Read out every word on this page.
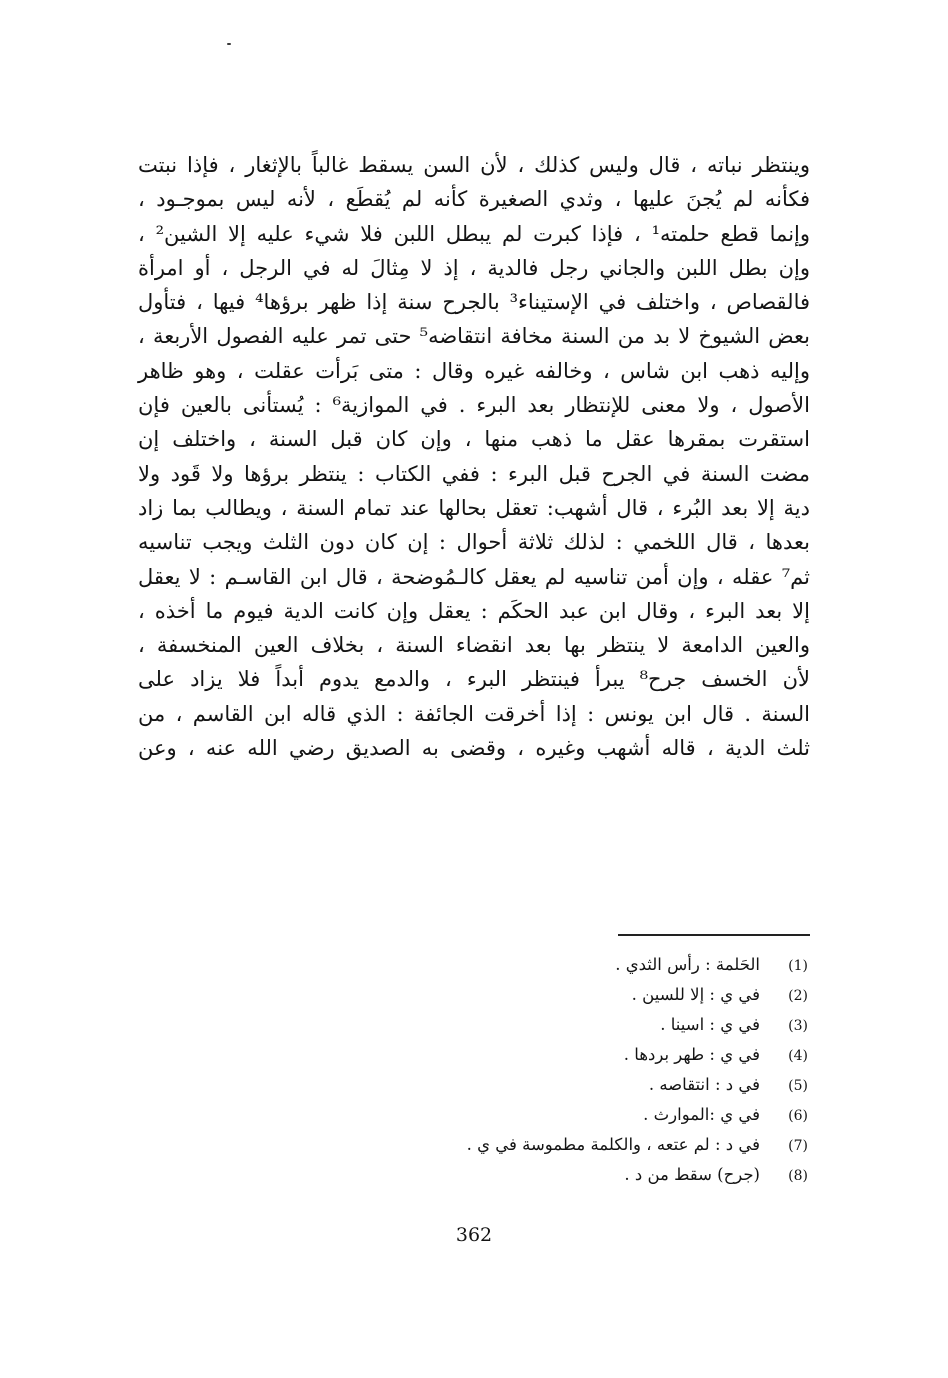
وينتظر نباته ، قال وليس كذلك ، لأن السن يسقط غالباً بالإثغار ، فإذا نبتت
فكأنه لم يُجنَ عليها ، وثدي الصغيرة كأنه لم يُقطَع ، لأنه ليس بموجـود ،
وإنما قطع حلمته¹ ، فإذا كبرت لم يبطل اللبن فلا شيء عليه إلا الشين² ،
وإن بطل اللبن والجاني رجل فالدية ، إذ لا مِثالَ له في الرجل ، أو امرأة
فالقصاص ، واختلف في الإستيناء³ بالجرح سنة إذا ظهر برؤها⁴ فيها ، فتأول
بعض الشيوخ لا بد من السنة مخافة انتقاضه⁵ حتى تمر عليه الفصول الأربعة ،
وإليه ذهب ابن شاس ، وخالفه غيره وقال : متى بَرأت عقلت ، وهو ظاهر
الأصول ، ولا معنى للإنتظار بعد البرء . في الموازية⁶ : يُستأنى بالعين فإن
استقرت بمقرها عقل ما ذهب منها ، وإن كان قبل السنة ، واختلف إن
مضت السنة في الجرح قبل البرء : ففي الكتاب : ينتظر برؤها ولا قَود ولا
دية إلا بعد البُرء ، قال أشهب: تعقل بحالها عند تمام السنة ، ويطالب بما زاد
بعدها ، قال اللخمي : لذلك ثلاثة أحوال : إن كان دون الثلث ويجب تناسيه
ثم⁷ عقله ، وإن أمن تناسيه لم يعقل كالـمُوضحة ، قال ابن القاسـم : لا يعقل
إلا بعد البرء ، وقال ابن عبد الحكَم : يعقل وإن كانت الدية فيوم ما أخذه ،
والعين الدامعة لا ينتظر بها بعد انقضاء السنة ، بخلاف العين المنخسفة ،
لأن الخسف جرح⁸ يبرأ فينتظر البرء ، والدمع يدوم أبداً فلا يزاد على
السنة . قال ابن يونس : إذا أخرقت الجائفة : الذي قاله ابن القاسم ، من
ثلث الدية ، قاله أشهب وغيره ، وقضى به الصديق رضي الله عنه ، وعن
(1)
الحَلمة : رأس الثدي .
(2)
في ي : إلا للسين .
(3)
في ي : اسينا .
(4)
في ي : طهر بردها .
(5)
في د : انتقاصه .
(6)
في ي :الموارث .
(7)
في د : لم عتعه ، والكلمة مطموسة في ي .
(8)
(جرح) سقط من د .
362
